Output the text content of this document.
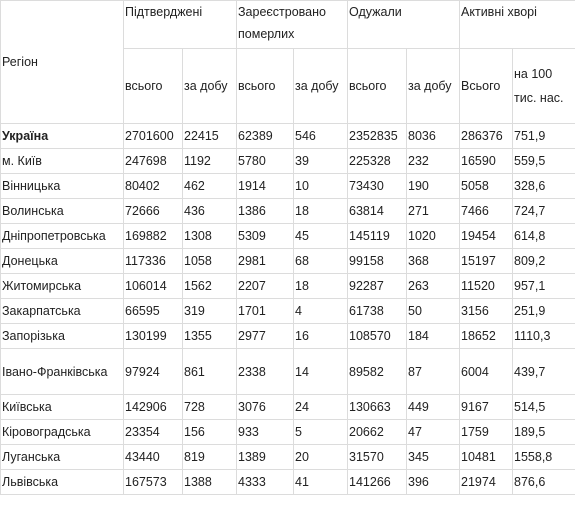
Регіон	Підтверджені		Зареєстровано померлих		Одужали		Активні хворі	
	всього	за добу	всього	за добу	всього	за добу	Всього	на 100 тис. нас.
Україна	2701600	22415	62389	546	2352835	8036	286376	751,9
м. Київ	247698	1192	5780	39	225328	232	16590	559,5
Вінницька	80402	462	1914	10	73430	190	5058	328,6
Волинська	72666	436	1386	18	63814	271	7466	724,7
Дніпропетровська	169882	1308	5309	45	145119	1020	19454	614,8
Донецька	117336	1058	2981	68	99158	368	15197	809,2
Житомирська	106014	1562	2207	18	92287	263	11520	957,1
Закарпатська	66595	319	1701	4	61738	50	3156	251,9
Запорізька	130199	1355	2977	16	108570	184	18652	1110,3
Івано-Франківська	97924	861	2338	14	89582	87	6004	439,7
Київська	142906	728	3076	24	130663	449	9167	514,5
Кіровоградська	23354	156	933	5	20662	47	1759	189,5
Луганська	43440	819	1389	20	31570	345	10481	1558,8
Львівська	167573	1388	4333	41	141266	396	21974	876,6
